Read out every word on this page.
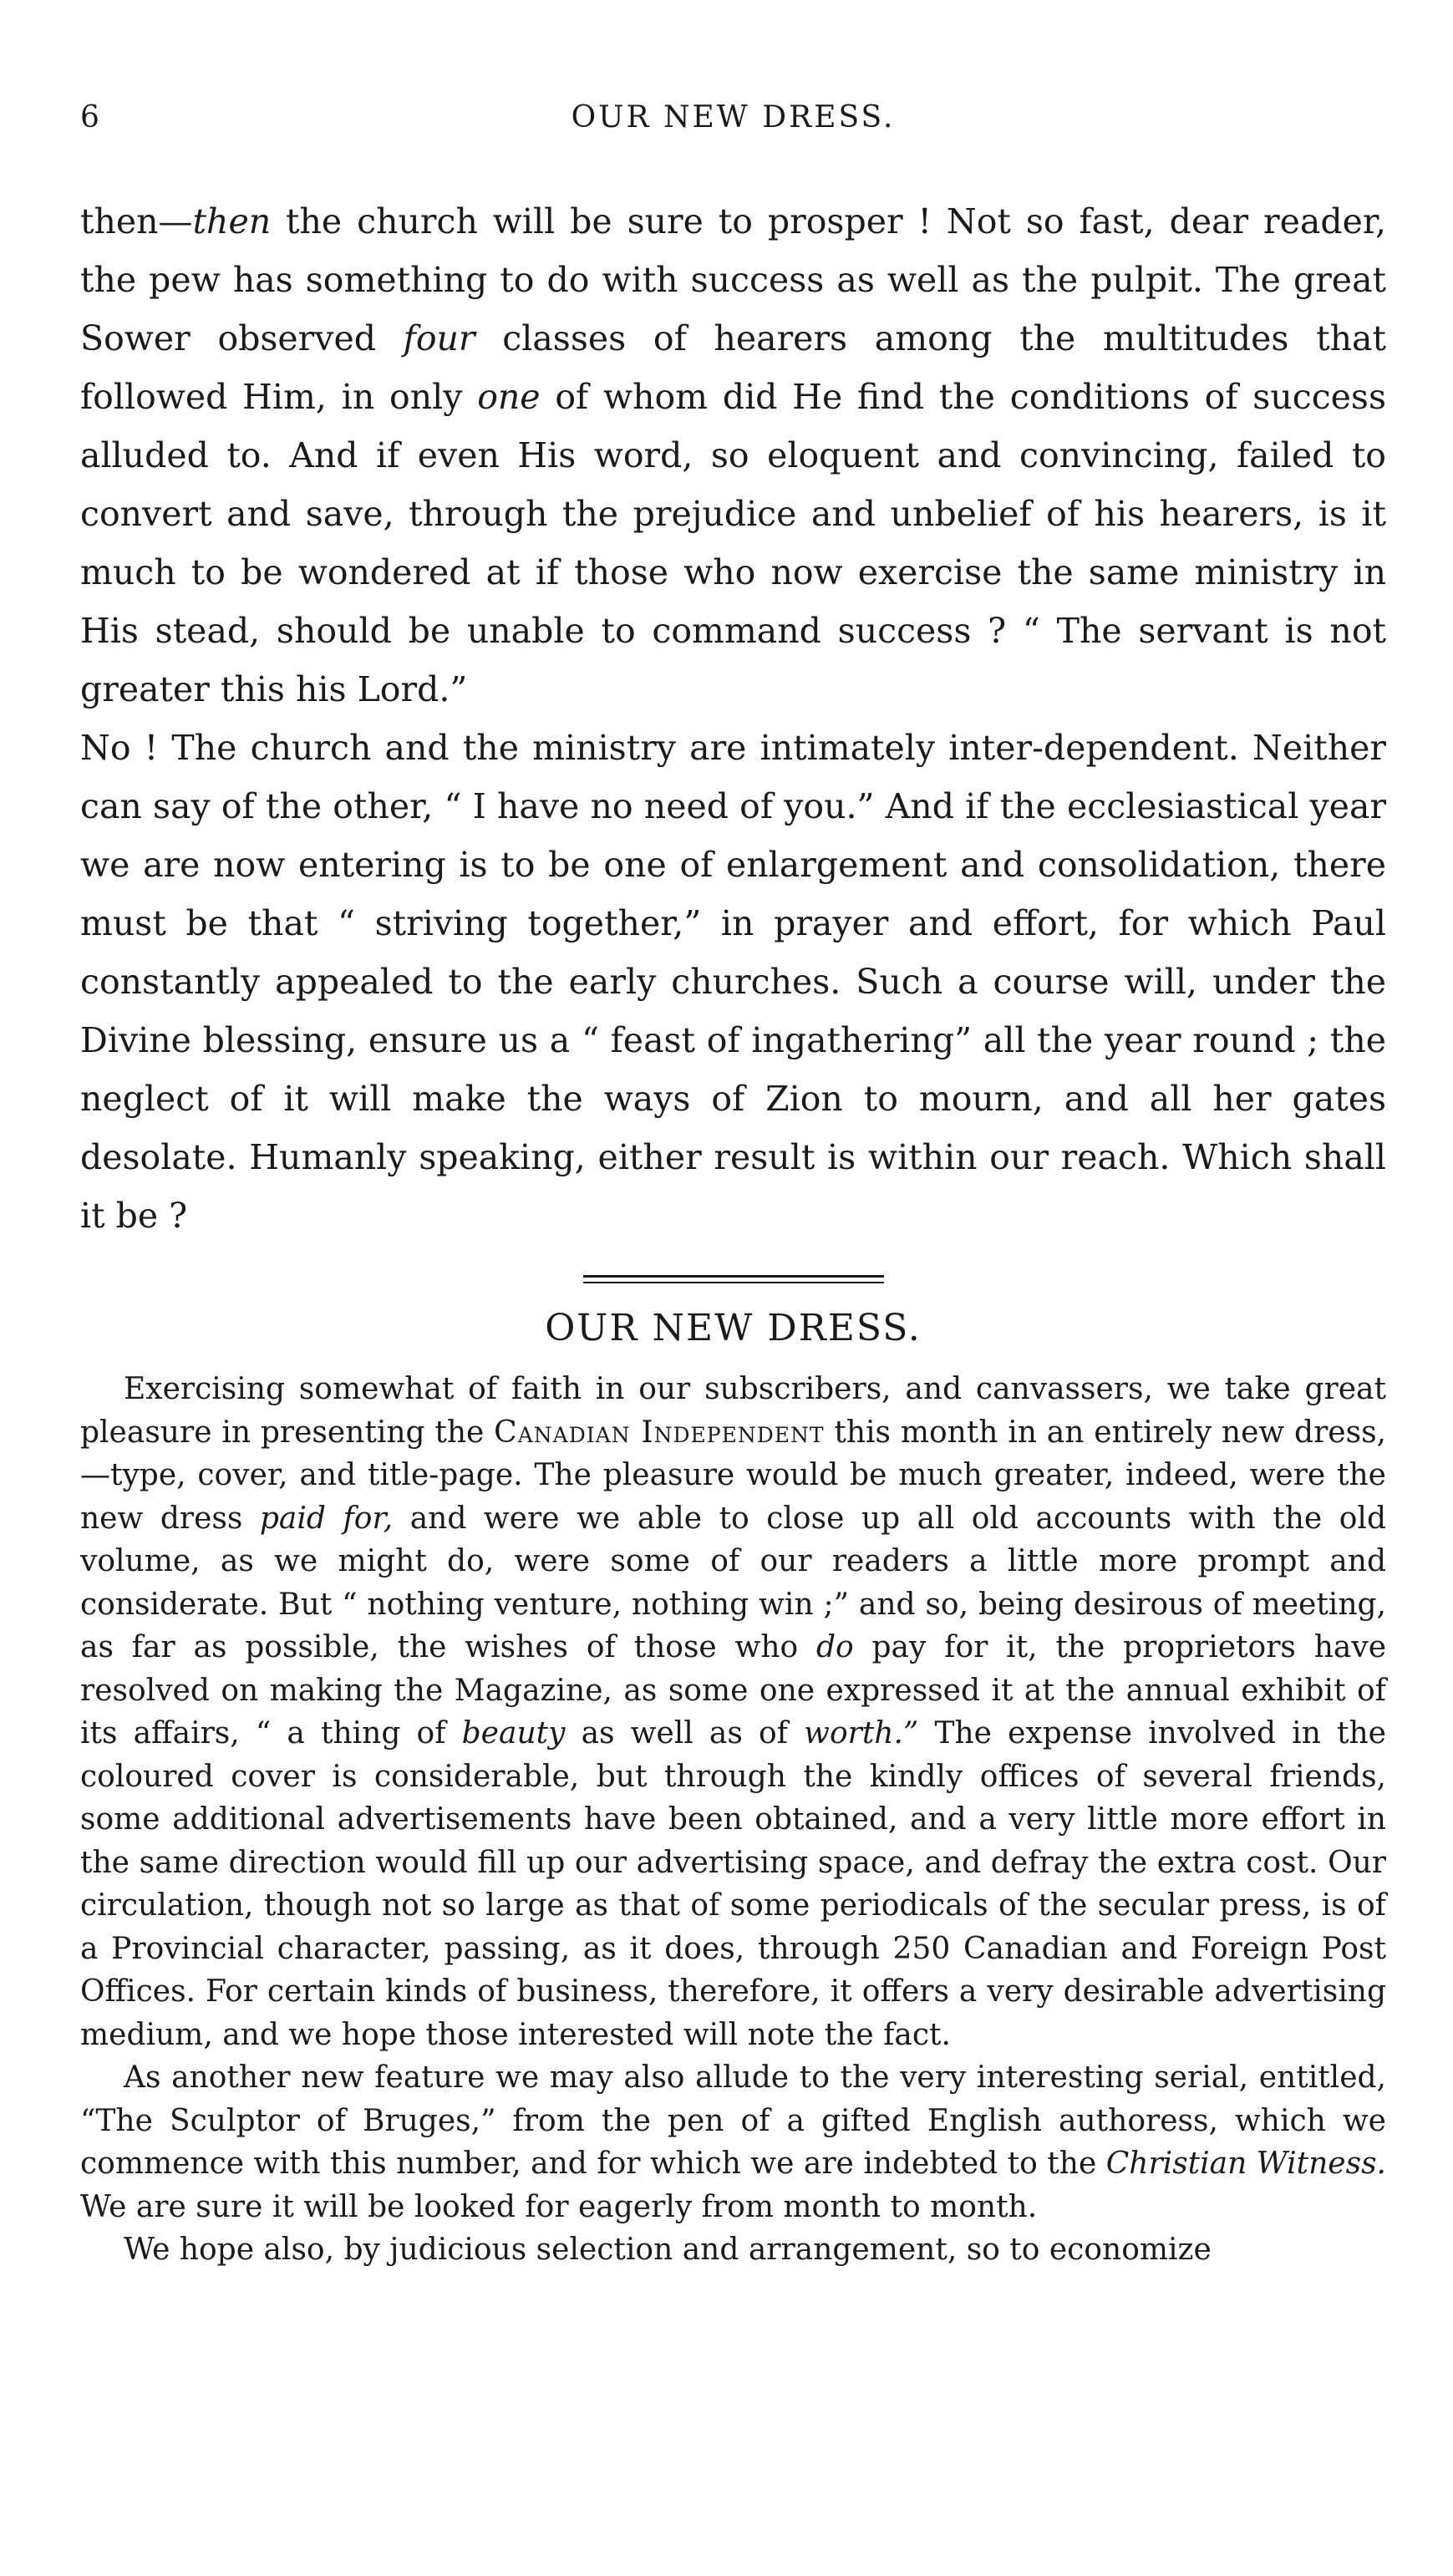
6	OUR NEW DRESS.

then—then the church will be sure to prosper ! Not so fast, dear reader, the pew has something to do with success as well as the pulpit. The great Sower observed four classes of hearers among the multitudes that followed Him, in only one of whom did He find the conditions of success alluded to. And if even His word, so eloquent and convincing, failed to convert and save, through the prejudice and unbelief of his hearers, is it much to be wondered at if those who now exercise the same ministry in His stead, should be unable to command success ? “ The servant is not greater this his Lord.”

No ! The church and the ministry are intimately inter-dependent. Neither can say of the other, “ I have no need of you.” And if the ecclesiastical year we are now entering is to be one of enlargement and consolidation, there must be that “ striving together,” in prayer and effort, for which Paul constantly appealed to the early churches. Such a course will, under the Divine blessing, ensure us a “ feast of ingathering” all the year round ; the neglect of it will make the ways of Zion to mourn, and all her gates desolate. Humanly speaking, either result is within our reach. Which shall it be ?

OUR NEW DRESS.

Exercising somewhat of faith in our subscribers, and canvassers, we take great pleasure in presenting the Canadian Independent this month in an entirely new dress,—type, cover, and title-page. The pleasure would be much greater, indeed, were the new dress paid for, and were we able to close up all old accounts with the old volume, as we might do, were some of our readers a little more prompt and considerate. But “ nothing venture, nothing win ;” and so, being desirous of meeting, as far as possible, the wishes of those who do pay for it, the proprietors have resolved on making the Magazine, as some one expressed it at the annual exhibit of its affairs, “ a thing of beauty as well as of worth.” The expense involved in the coloured cover is considerable, but through the kindly offices of several friends, some additional advertisements have been obtained, and a very little more effort in the same direction would fill up our advertising space, and defray the extra cost. Our circulation, though not so large as that of some periodicals of the secular press, is of a Provincial character, passing, as it does, through 250 Canadian and Foreign Post Offices. For certain kinds of business, therefore, it offers a very desirable advertising medium, and we hope those interested will note the fact.

As another new feature we may also allude to the very interesting serial, entitled, “The Sculptor of Bruges,” from the pen of a gifted English authoress, which we commence with this number, and for which we are indebted to the Christian Witness. We are sure it will be looked for eagerly from month to month.

We hope also, by judicious selection and arrangement, so to economize
